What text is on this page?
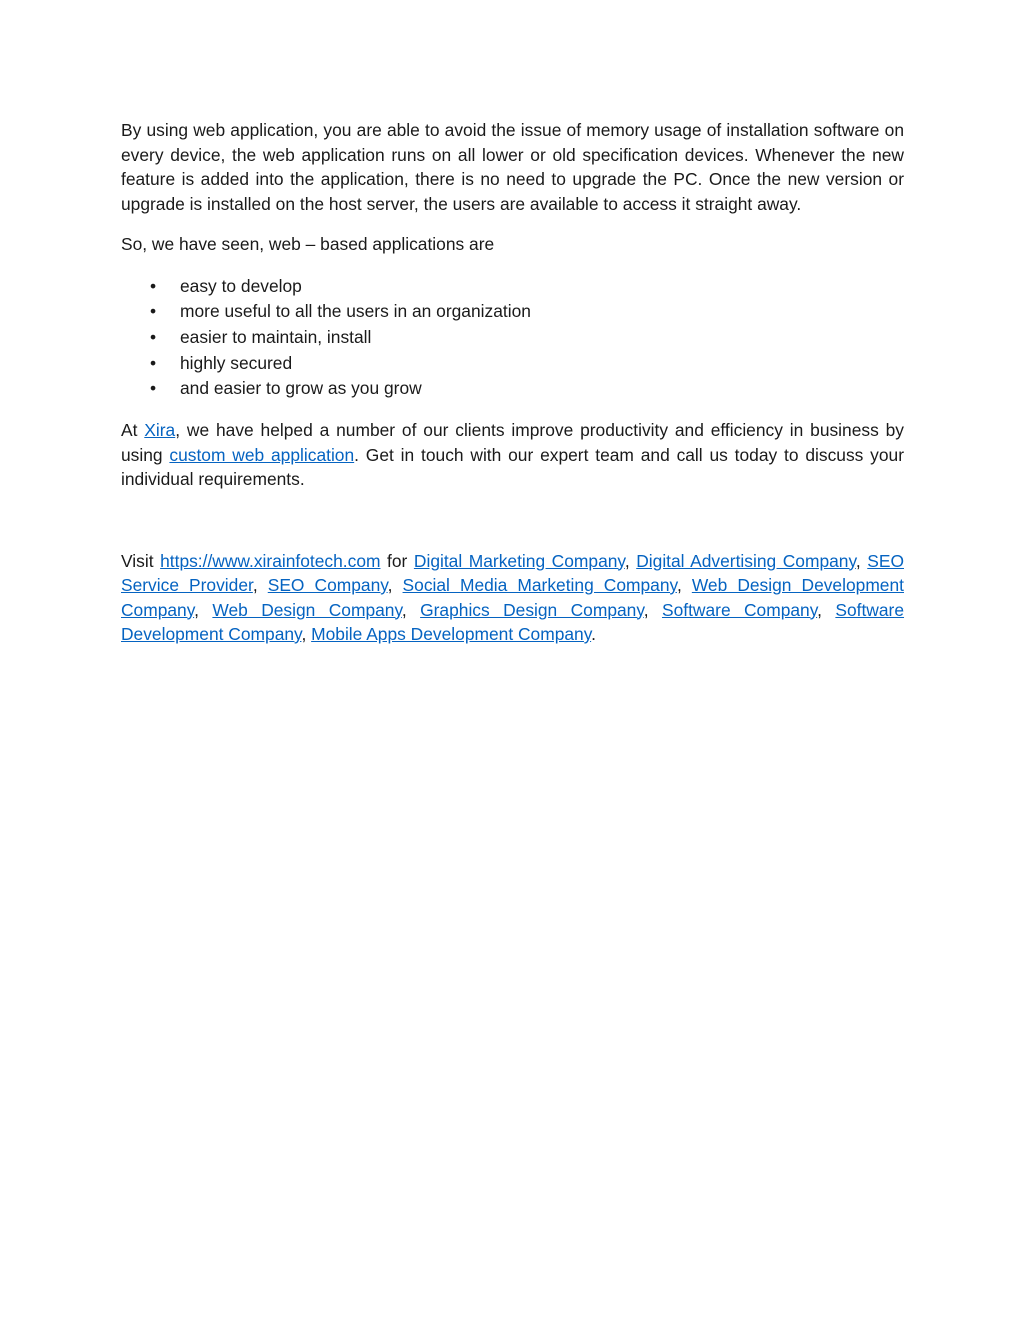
By using web application, you are able to avoid the issue of memory usage of installation software on every device, the web application runs on all lower or old specification devices. Whenever the new feature is added into the application, there is no need to upgrade the PC. Once the new version or upgrade is installed on the host server, the users are available to access it straight away.

So, we have seen, web – based applications are

• easy to develop
• more useful to all the users in an organization
• easier to maintain, install
• highly secured
• and easier to grow as you grow

At Xira, we have helped a number of our clients improve productivity and efficiency in business by using custom web application. Get in touch with our expert team and call us today to discuss your individual requirements.

Visit https://www.xirainfotech.com for Digital Marketing Company, Digital Advertising Company, SEO Service Provider, SEO Company, Social Media Marketing Company, Web Design Development Company, Web Design Company, Graphics Design Company, Software Company, Software Development Company, Mobile Apps Development Company.
